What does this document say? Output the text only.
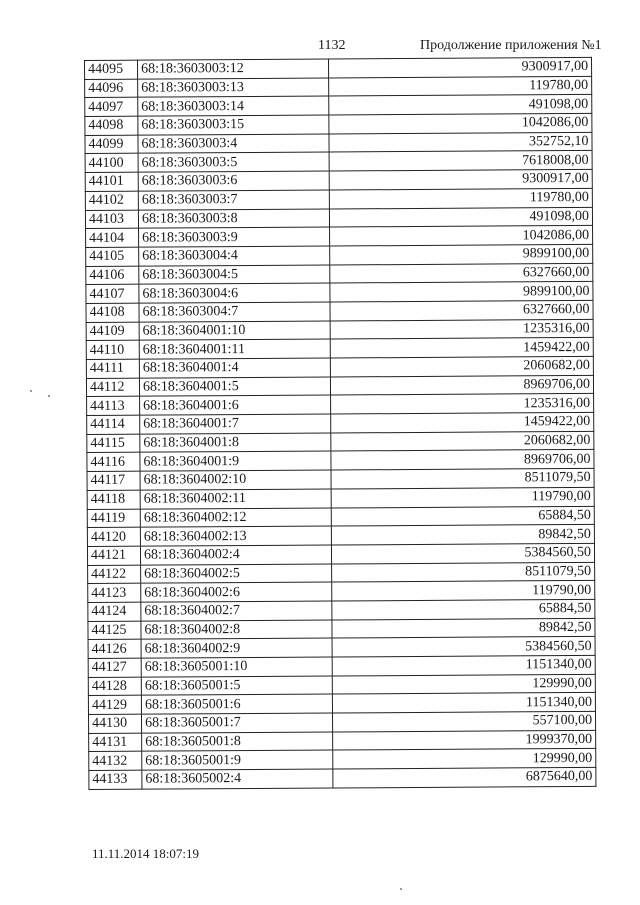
1132	Продолжение приложения №1
44095	68:18:3603003:12	9300917,00
44096	68:18:3603003:13	119780,00
44097	68:18:3603003:14	491098,00
44098	68:18:3603003:15	1042086,00
44099	68:18:3603003:4	352752,10
44100	68:18:3603003:5	7618008,00
44101	68:18:3603003:6	9300917,00
44102	68:18:3603003:7	119780,00
44103	68:18:3603003:8	491098,00
44104	68:18:3603003:9	1042086,00
44105	68:18:3603004:4	9899100,00
44106	68:18:3603004:5	6327660,00
44107	68:18:3603004:6	9899100,00
44108	68:18:3603004:7	6327660,00
44109	68:18:3604001:10	1235316,00
44110	68:18:3604001:11	1459422,00
44111	68:18:3604001:4	2060682,00
44112	68:18:3604001:5	8969706,00
44113	68:18:3604001:6	1235316,00
44114	68:18:3604001:7	1459422,00
44115	68:18:3604001:8	2060682,00
44116	68:18:3604001:9	8969706,00
44117	68:18:3604002:10	8511079,50
44118	68:18:3604002:11	119790,00
44119	68:18:3604002:12	65884,50
44120	68:18:3604002:13	89842,50
44121	68:18:3604002:4	5384560,50
44122	68:18:3604002:5	8511079,50
44123	68:18:3604002:6	119790,00
44124	68:18:3604002:7	65884,50
44125	68:18:3604002:8	89842,50
44126	68:18:3604002:9	5384560,50
44127	68:18:3605001:10	1151340,00
44128	68:18:3605001:5	129990,00
44129	68:18:3605001:6	1151340,00
44130	68:18:3605001:7	557100,00
44131	68:18:3605001:8	1999370,00
44132	68:18:3605001:9	129990,00
44133	68:18:3605002:4	6875640,00
11.11.2014 18:07:19
